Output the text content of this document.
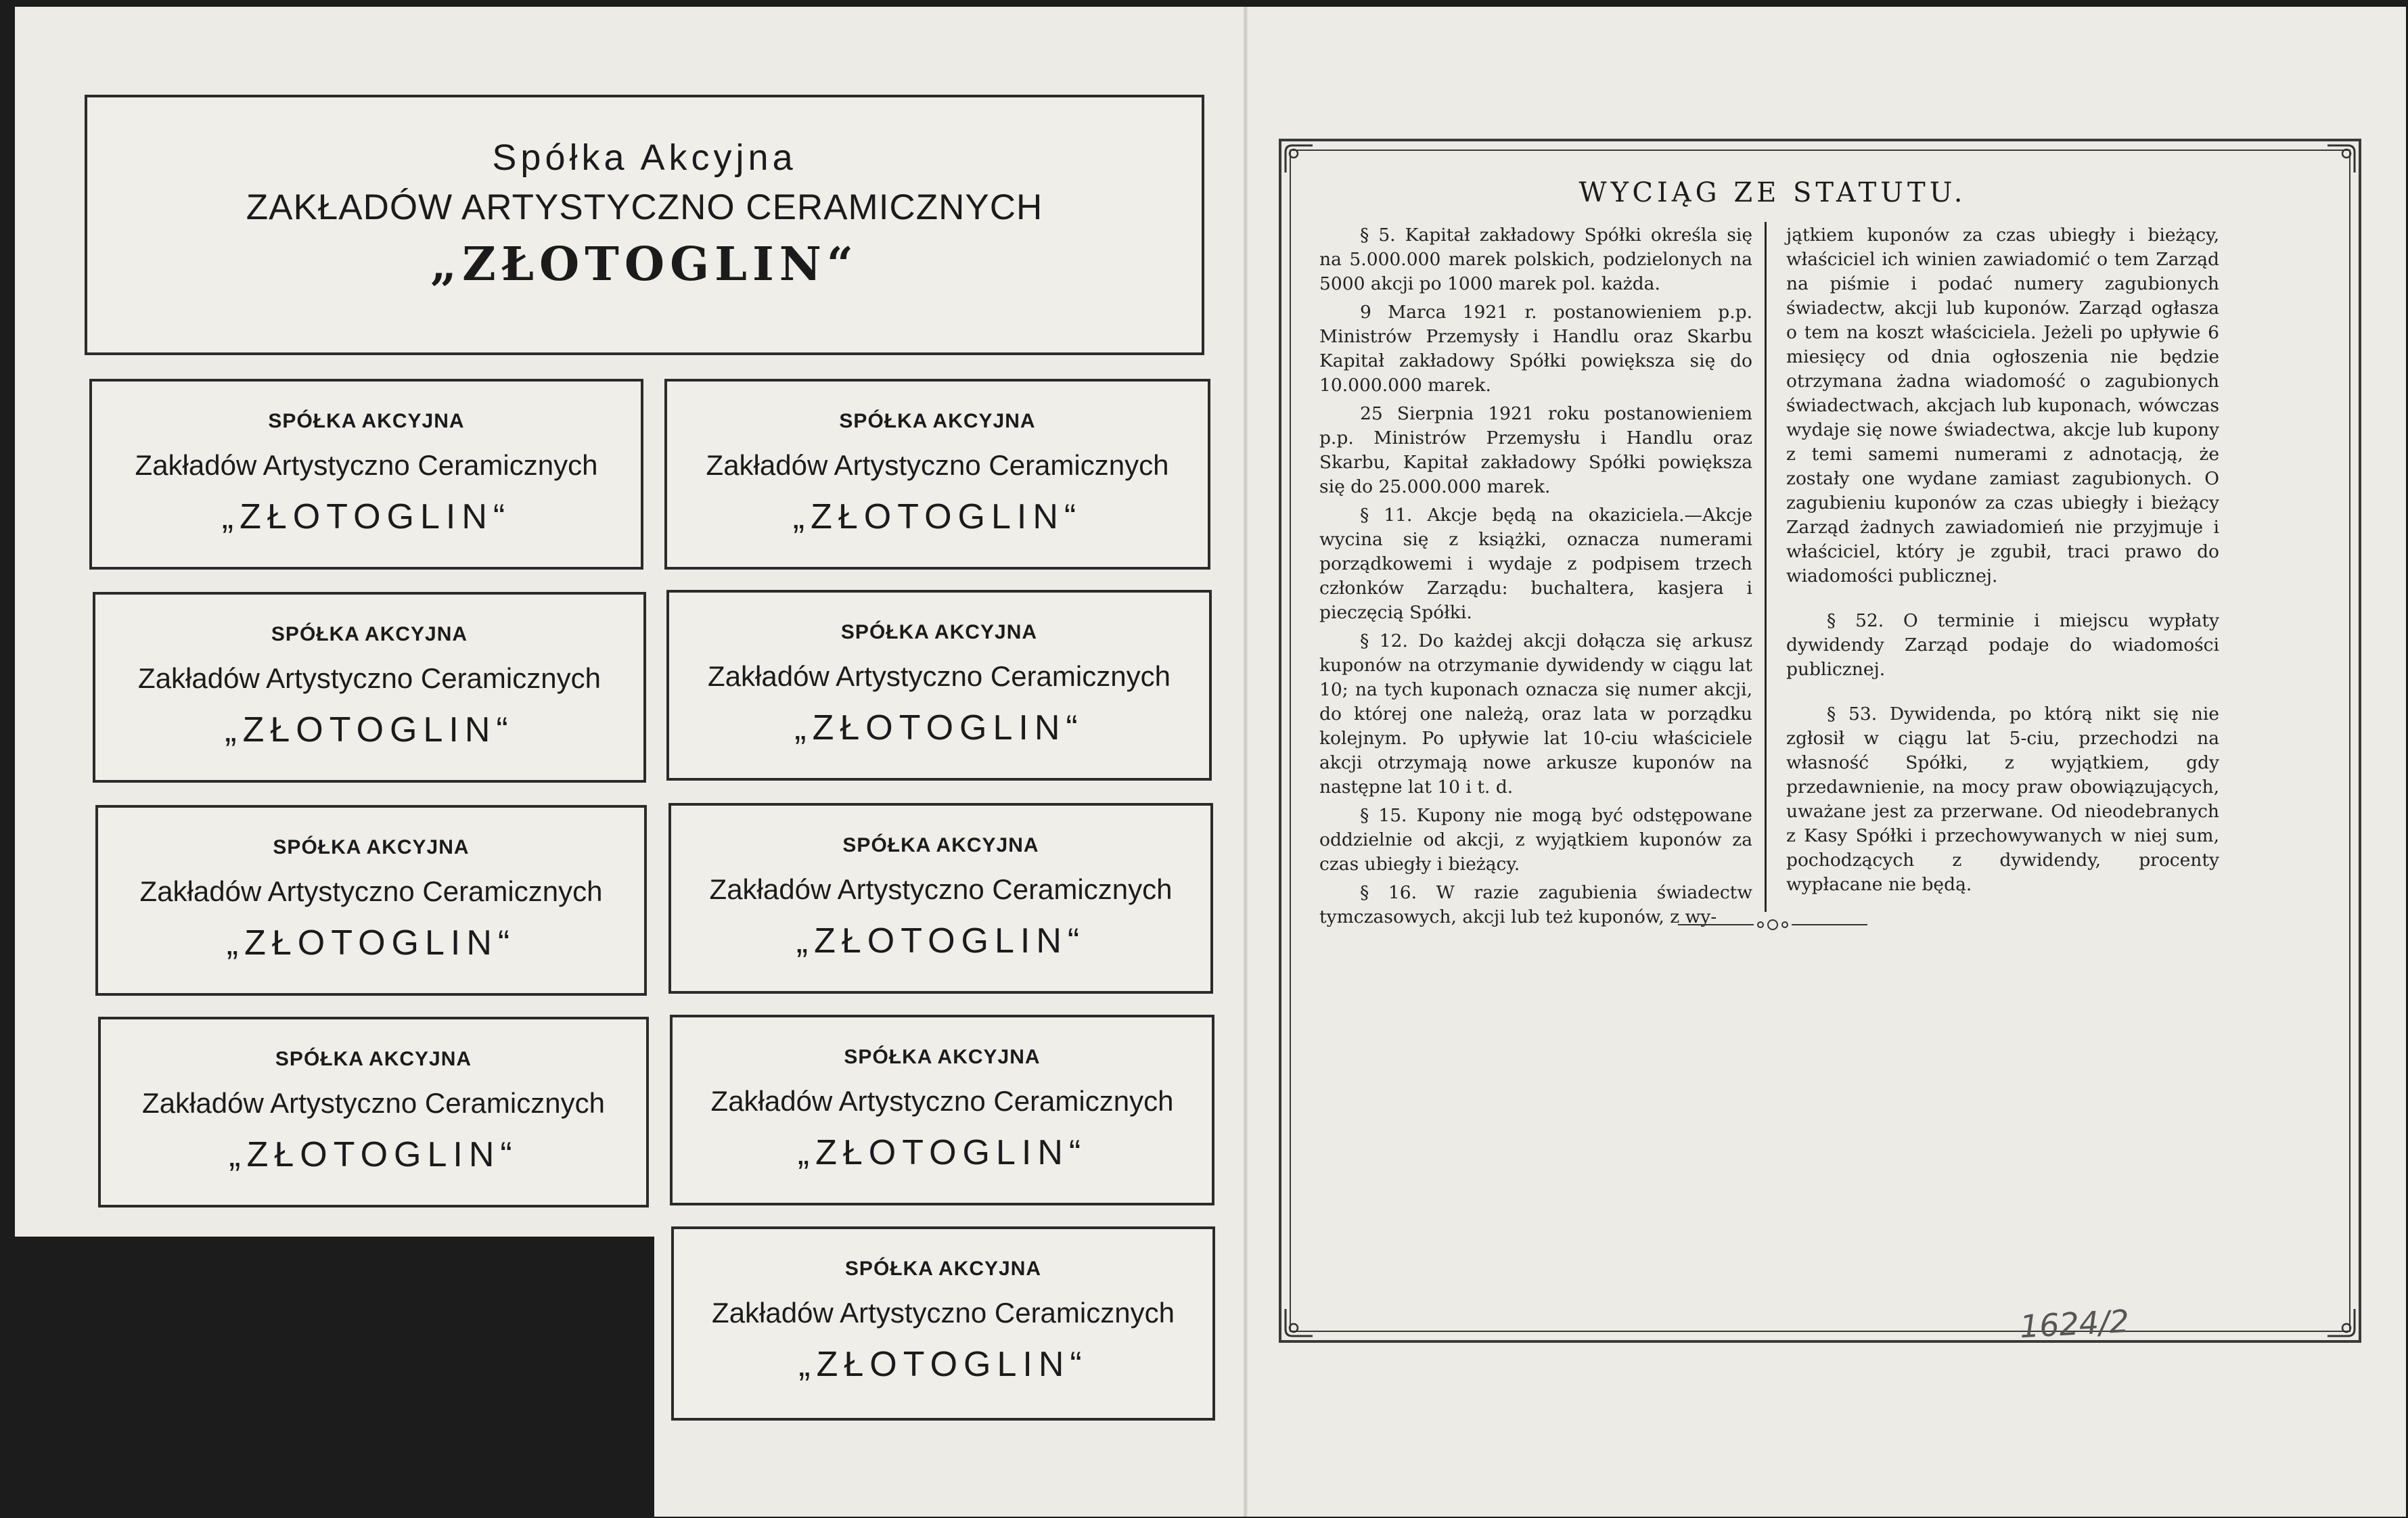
Spółka Akcyjna
ZAKŁADÓW ARTYSTYCZNO CERAMICZNYCH
„ZŁOTOGLIN“
SPÓŁKA AKCYJNA
Zakładów Artystyczno Ceramicznych
„ZŁOTOGLIN“
SPÓŁKA AKCYJNA
Zakładów Artystyczno Ceramicznych
„ZŁOTOGLIN“
SPÓŁKA AKCYJNA
Zakładów Artystyczno Ceramicznych
„ZŁOTOGLIN“
SPÓŁKA AKCYJNA
Zakładów Artystyczno Ceramicznych
„ZŁOTOGLIN“
SPÓŁKA AKCYJNA
Zakładów Artystyczno Ceramicznych
„ZŁOTOGLIN“
SPÓŁKA AKCYJNA
Zakładów Artystyczno Ceramicznych
„ZŁOTOGLIN“
SPÓŁKA AKCYJNA
Zakładów Artystyczno Ceramicznych
„ZŁOTOGLIN“
SPÓŁKA AKCYJNA
Zakładów Artystyczno Ceramicznych
„ZŁOTOGLIN“
SPÓŁKA AKCYJNA
Zakładów Artystyczno Ceramicznych
„ZŁOTOGLIN“
WYCIĄG ZE STATUTU.

§ 5. Kapitał zakładowy Spółki określa się na 5.000.000 marek polskich, podzielonych na 5000 akcji po 1000 marek pol. każda.

9 Marca 1921 r. postanowieniem p.p. Ministrów Przemysły i Handlu oraz Skarbu Kapitał zakładowy Spółki powiększa się do 10.000.000 marek.

25 Sierpnia 1921 roku postanowieniem p.p. Ministrów Przemysłu i Handlu oraz Skarbu, Kapitał zakładowy Spółki powiększa się do 25.000.000 marek.

§ 11. Akcje będą na okaziciela.—Akcje wycina się z książki, oznacza numerami porządkowemi i wydaje z podpisem trzech członków Zarządu: buchaltera, kasjera i pieczęcią Spółki.

§ 12. Do każdej akcji dołącza się arkusz kuponów na otrzymanie dywidendy w ciągu lat 10; na tych kuponach oznacza się numer akcji, do której one należą, oraz lata w porządku kolejnym. Po upływie lat 10-ciu właściciele akcji otrzymają nowe arkusze kuponów na następne lat 10 i t. d.

§ 15. Kupony nie mogą być odstępowane oddzielnie od akcji, z wyjątkiem kuponów za czas ubiegły i bieżący.

§ 16. W razie zagubienia świadectw tymczasowych, akcji lub też kuponów, z wy-

jątkiem kuponów za czas ubiegły i bieżący, właściciel ich winien zawiadomić o tem Zarząd na piśmie i podać numery zagubionych świadectw, akcji lub kuponów. Zarząd ogłasza o tem na koszt właściciela. Jeżeli po upływie 6 miesięcy od dnia ogłoszenia nie będzie otrzymana żadna wiadomość o zagubionych świadectwach, akcjach lub kuponach, wówczas wydaje się nowe świadectwa, akcje lub kupony z temi samemi numerami z adnotacją, że zostały one wydane zamiast zagubionych. O zagubieniu kuponów za czas ubiegły i bieżący Zarząd żadnych zawiadomień nie przyjmuje i właściciel, który je zgubił, traci prawo do wiadomości publicznej.

§ 52. O terminie i miejscu wypłaty dywidendy Zarząd podaje do wiadomości publicznej.

§ 53. Dywidenda, po którą nikt się nie zgłosił w ciągu lat 5-ciu, przechodzi na własność Spółki, z wyjątkiem, gdy przedawnienie, na mocy praw obowiązujących, uważane jest za przerwane. Od nieodebranych z Kasy Spółki i przechowywanych w niej sum, pochodzących z dywidendy, procenty wypłacane nie będą.

1624/2
